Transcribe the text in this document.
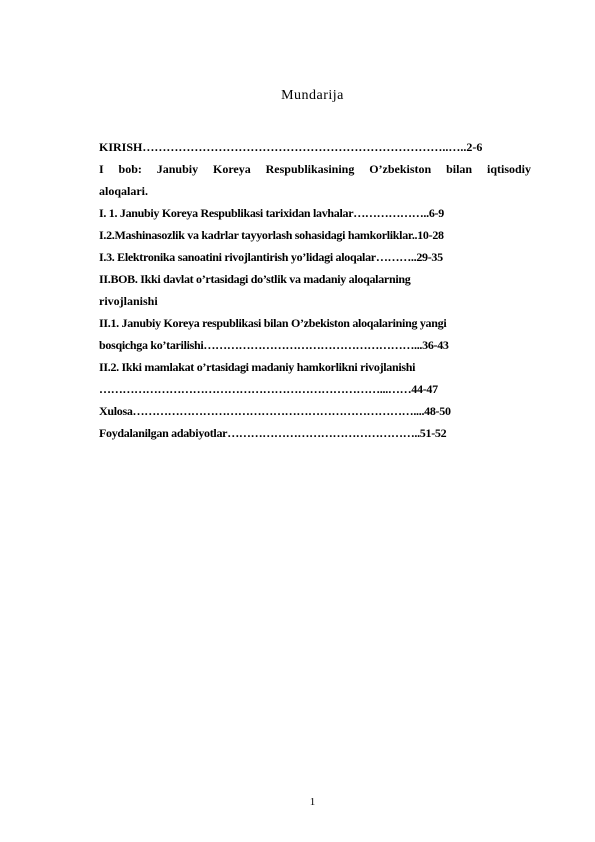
Mundarija
KIRISH…………………………………………………………………..…..2-6
I bob: Janubiy Koreya Respublikasining O’zbekiston bilan iqtisodiy
aloqalari.
I. 1. Janubiy Koreya Respublikasi tarixidan lavhalar………………..6-9
I.2.Mashinasozlik va kadrlar tayyorlash sohasidagi hamkorliklar..10-28
I.3. Elektronika sanoatini rivojlantirish yo’lidagi aloqalar………..29-35
II.BOB. Ikki davlat o’rtasidagi do’stlik va madaniy aloqalarning
rivojlanishi
II.1. Janubiy Koreya respublikasi bilan O’zbekiston aloqalarining yangi
bosqichga ko’tarilishi………………………………………………...36-43
II.2. Ikki mamlakat o’rtasidagi madaniy hamkorlikni rivojlanishi
………………………………………………………………...……44-47
Xulosa………………………………………………………………....48-50
Foydalanilgan adabiyotlar…………………………………………..51-52
1
